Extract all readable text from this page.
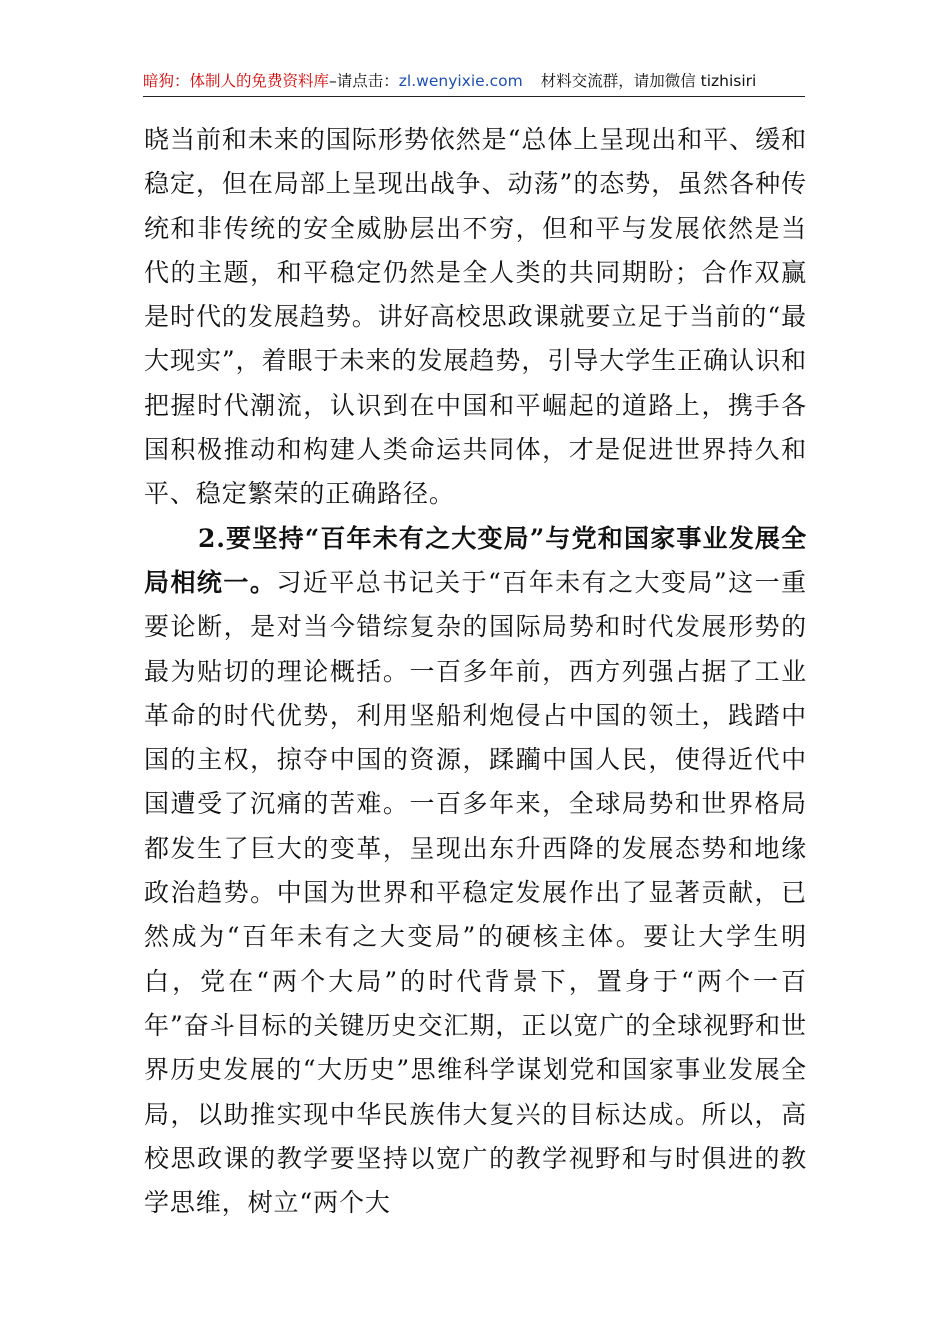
暗狗：体制人的免费资料库–请点击：zl.wenyixie.com 材料交流群，请加微信 tizhisiri

晓当前和未来的国际形势依然是“总体上呈现出和平、缓和稳定，但在局部上呈现出战争、动荡”的态势，虽然各种传统和非传统的安全威胁层出不穷，但和平与发展依然是当代的主题，和平稳定仍然是全人类的共同期盼；合作双赢是时代的发展趋势。讲好高校思政课就要立足于当前的“最大现实”，着眼于未来的发展趋势，引导大学生正确认识和把握时代潮流，认识到在中国和平崛起的道路上，携手各国积极推动和构建人类命运共同体，才是促进世界持久和平、稳定繁荣的正确路径。

2.要坚持“百年未有之大变局”与党和国家事业发展全局相统一。习近平总书记关于“百年未有之大变局”这一重要论断，是对当今错综复杂的国际局势和时代发展形势的最为贴切的理论概括。一百多年前，西方列强占据了工业革命的时代优势，利用坚船利炮侵占中国的领土，践踏中国的主权，掠夺中国的资源，蹂躏中国人民，使得近代中国遭受了沉痛的苦难。一百多年来，全球局势和世界格局都发生了巨大的变革，呈现出东升西降的发展态势和地缘政治趋势。中国为世界和平稳定发展作出了显著贡献，已然成为“百年未有之大变局”的硬核主体。要让大学生明白，党在“两个大局”的时代背景下，置身于“两个一百年”奋斗目标的关键历史交汇期，正以宽广的全球视野和世界历史发展的“大历史”思维科学谋划党和国家事业发展全局，以助推实现中华民族伟大复兴的目标达成。所以，高校思政课的教学要坚持以宽广的教学视野和与时俱进的教学思维，树立“两个大
